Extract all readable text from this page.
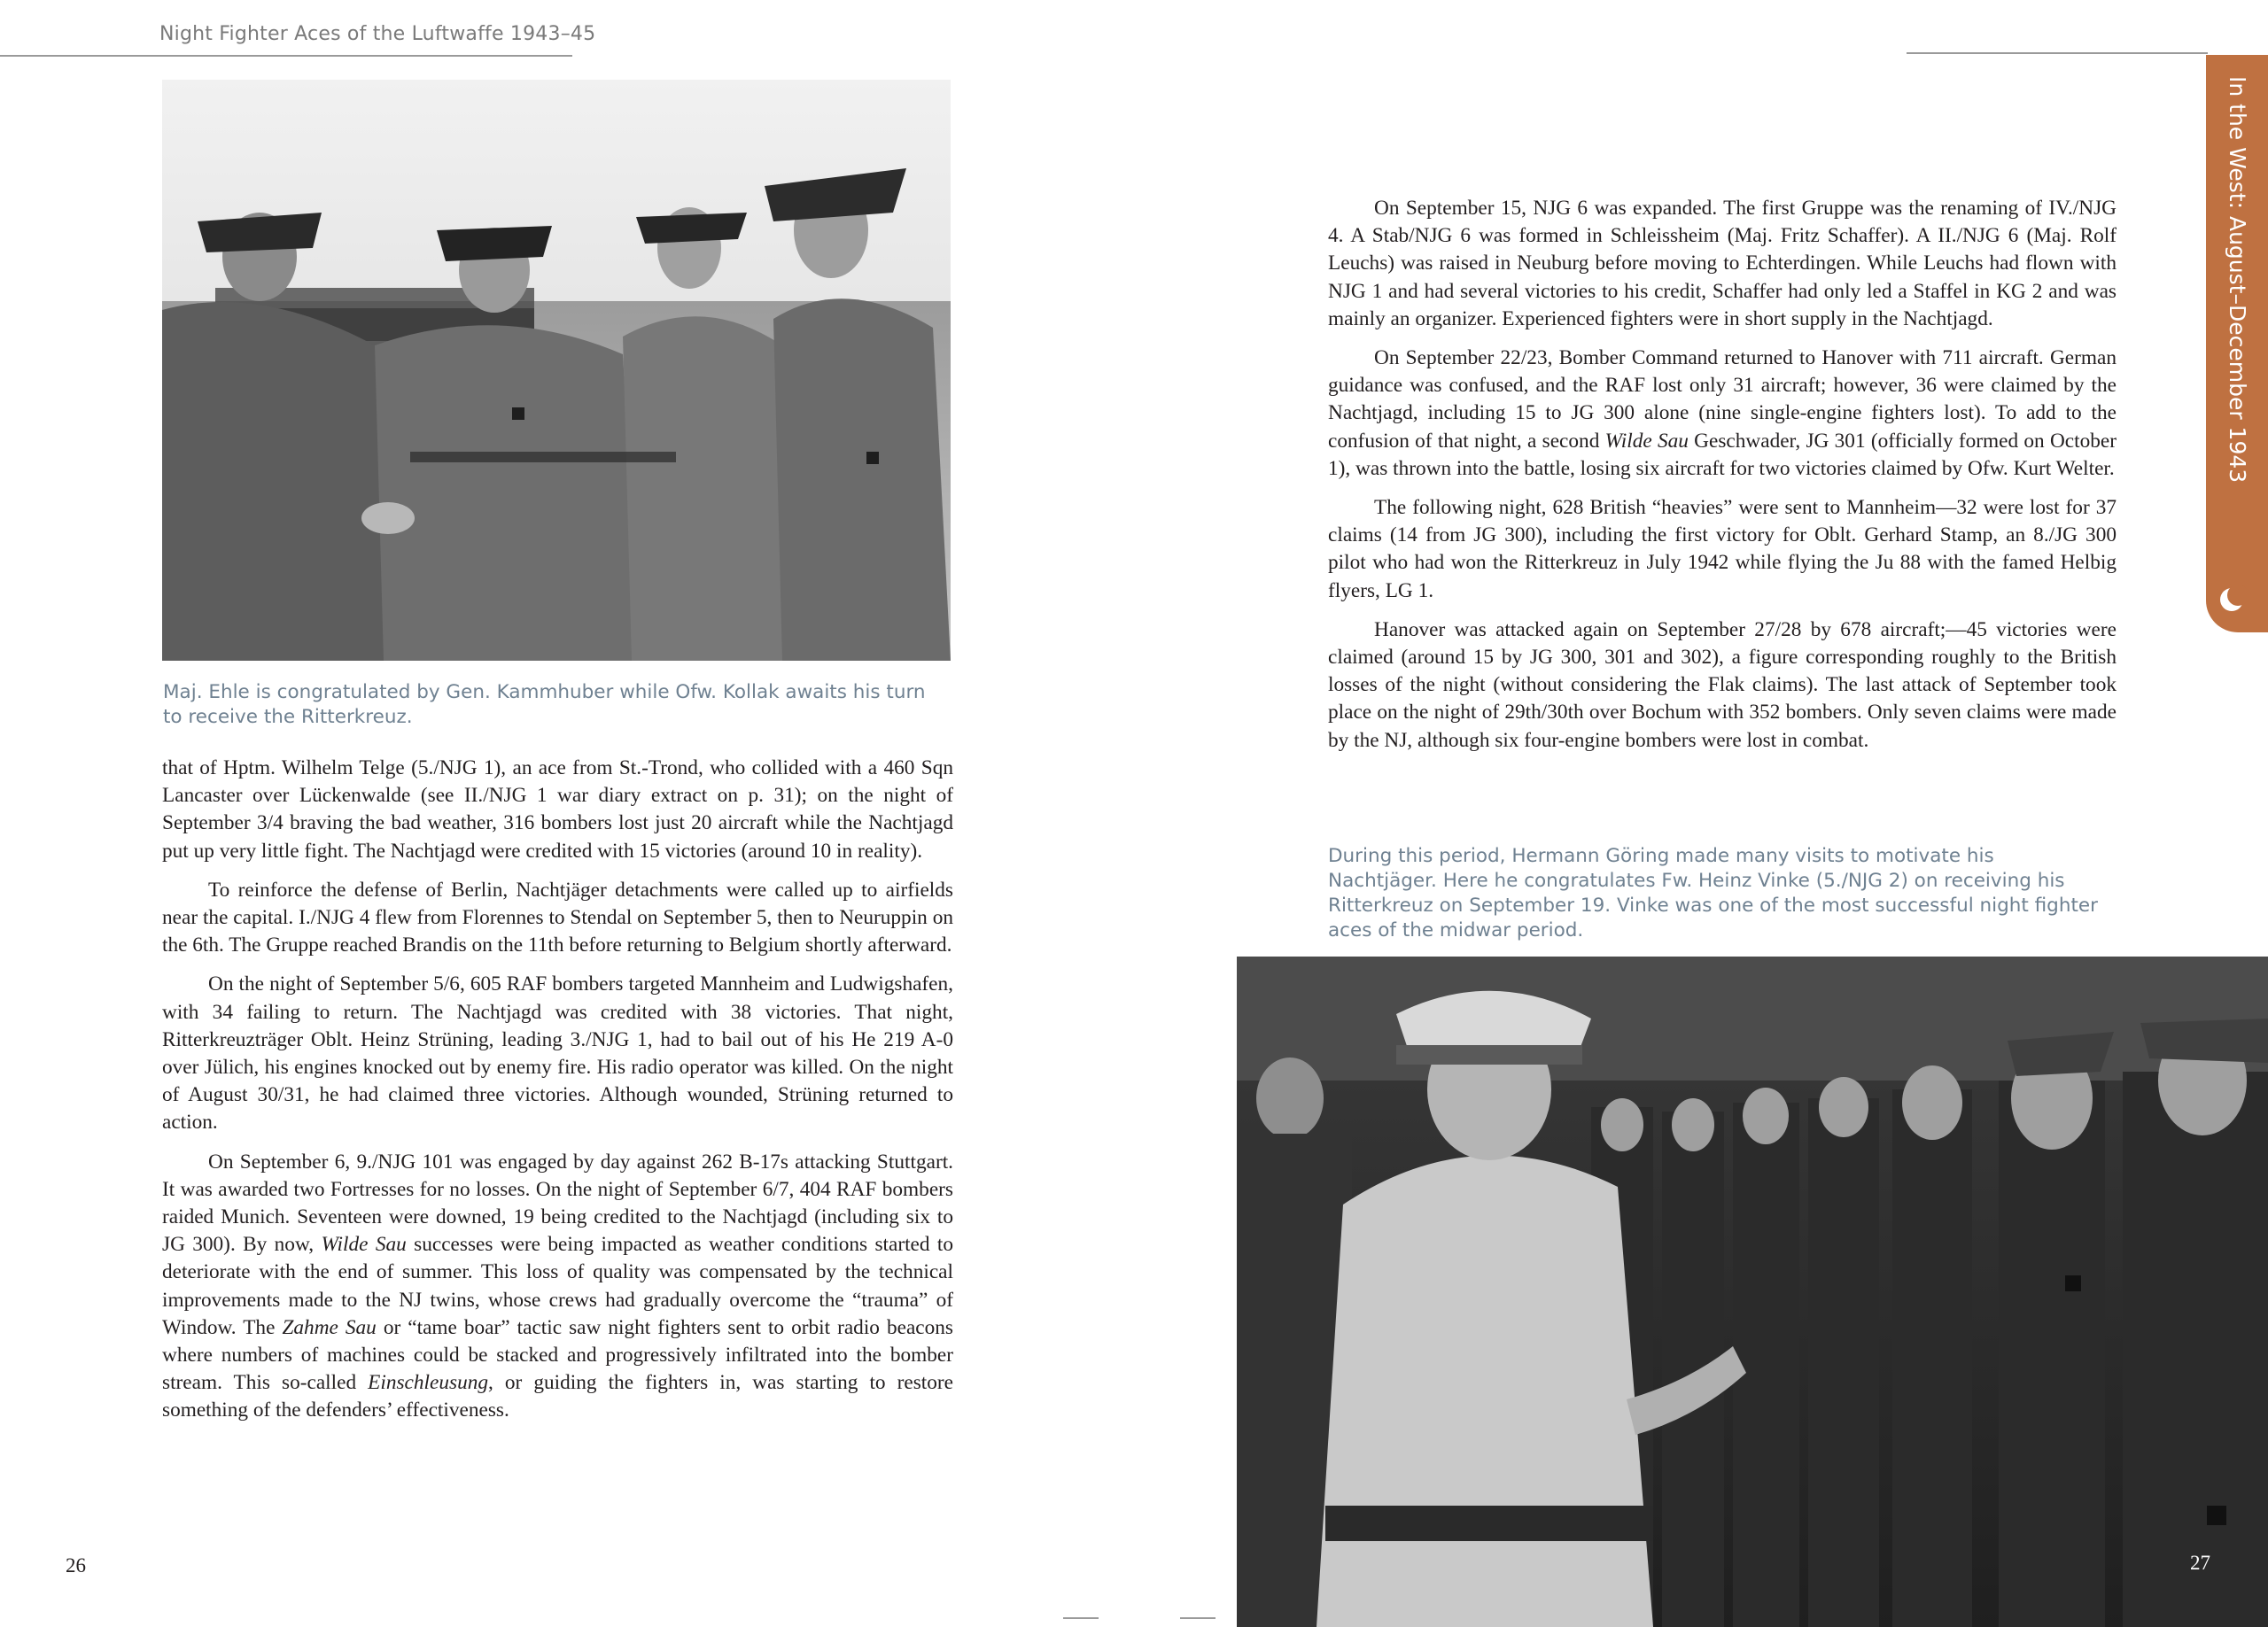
Night Fighter Aces of the Luftwaffe 1943–45
Maj. Ehle is congratulated by Gen. Kammhuber while Ofw. Kollak awaits his turn to receive the Ritterkreuz.

that of Hptm. Wilhelm Telge (5./NJG 1), an ace from St.-Trond, who collided with a 460 Sqn Lancaster over Lückenwalde (see II./NJG 1 war diary extract on p. 31); on the night of September 3/4 braving the bad weather, 316 bombers lost just 20 aircraft while the Nachtjagd put up very little fight. The Nachtjagd were credited with 15 victories (around 10 in reality).

To reinforce the defense of Berlin, Nachtjäger detachments were called up to airfields near the capital. I./NJG 4 flew from Florennes to Stendal on September 5, then to Neuruppin on the 6th. The Gruppe reached Brandis on the 11th before returning to Belgium shortly afterward.

On the night of September 5/6, 605 RAF bombers targeted Mannheim and Ludwigshafen, with 34 failing to return. The Nachtjagd was credited with 38 victories. That night, Ritterkreuzträger Oblt. Heinz Strüning, leading 3./NJG 1, had to bail out of his He 219 A-0 over Jülich, his engines knocked out by enemy fire. His radio operator was killed. On the night of August 30/31, he had claimed three victories. Although wounded, Strüning returned to action.

On September 6, 9./NJG 101 was engaged by day against 262 B-17s attacking Stuttgart. It was awarded two Fortresses for no losses. On the night of September 6/7, 404 RAF bombers raided Munich. Seventeen were downed, 19 being credited to the Nachtjagd (including six to JG 300). By now, Wilde Sau successes were being impacted as weather conditions started to deteriorate with the end of summer. This loss of quality was compensated by the technical improvements made to the NJ twins, whose crews had gradually overcome the “trauma” of Window. The Zahme Sau or “tame boar” tactic saw night fighters sent to orbit radio beacons where numbers of machines could be stacked and progressively infiltrated into the bomber stream. This so-called Einschleusung, or guiding the fighters in, was starting to restore something of the defenders’ effectiveness.

26
In the West: August–December 1943

On September 15, NJG 6 was expanded. The first Gruppe was the renaming of IV./NJG 4. A Stab/NJG 6 was formed in Schleissheim (Maj. Fritz Schaffer). A II./NJG 6 (Maj. Rolf Leuchs) was raised in Neuburg before moving to Echterdingen. While Leuchs had flown with NJG 1 and had several victories to his credit, Schaffer had only led a Staffel in KG 2 and was mainly an organizer. Experienced fighters were in short supply in the Nachtjagd.

On September 22/23, Bomber Command returned to Hanover with 711 aircraft. German guidance was confused, and the RAF lost only 31 aircraft; however, 36 were claimed by the Nachtjagd, including 15 to JG 300 alone (nine single-engine fighters lost). To add to the confusion of that night, a second Wilde Sau Geschwader, JG 301 (officially formed on October 1), was thrown into the battle, losing six aircraft for two victories claimed by Ofw. Kurt Welter.

The following night, 628 British “heavies” were sent to Mannheim—32 were lost for 37 claims (14 from JG 300), including the first victory for Oblt. Gerhard Stamp, an 8./JG 300 pilot who had won the Ritterkreuz in July 1942 while flying the Ju 88 with the famed Helbig flyers, LG 1.

Hanover was attacked again on September 27/28 by 678 aircraft;—45 victories were claimed (around 15 by JG 300, 301 and 302), a figure corresponding roughly to the British losses of the night (without considering the Flak claims). The last attack of September took place on the night of 29th/30th over Bochum with 352 bombers. Only seven claims were made by the NJ, although six four-engine bombers were lost in combat.

During this period, Hermann Göring made many visits to motivate his Nachtjäger. Here he congratulates Fw. Heinz Vinke (5./NJG 2) on receiving his Ritterkreuz on September 19. Vinke was one of the most successful night fighter aces of the midwar period.
27
